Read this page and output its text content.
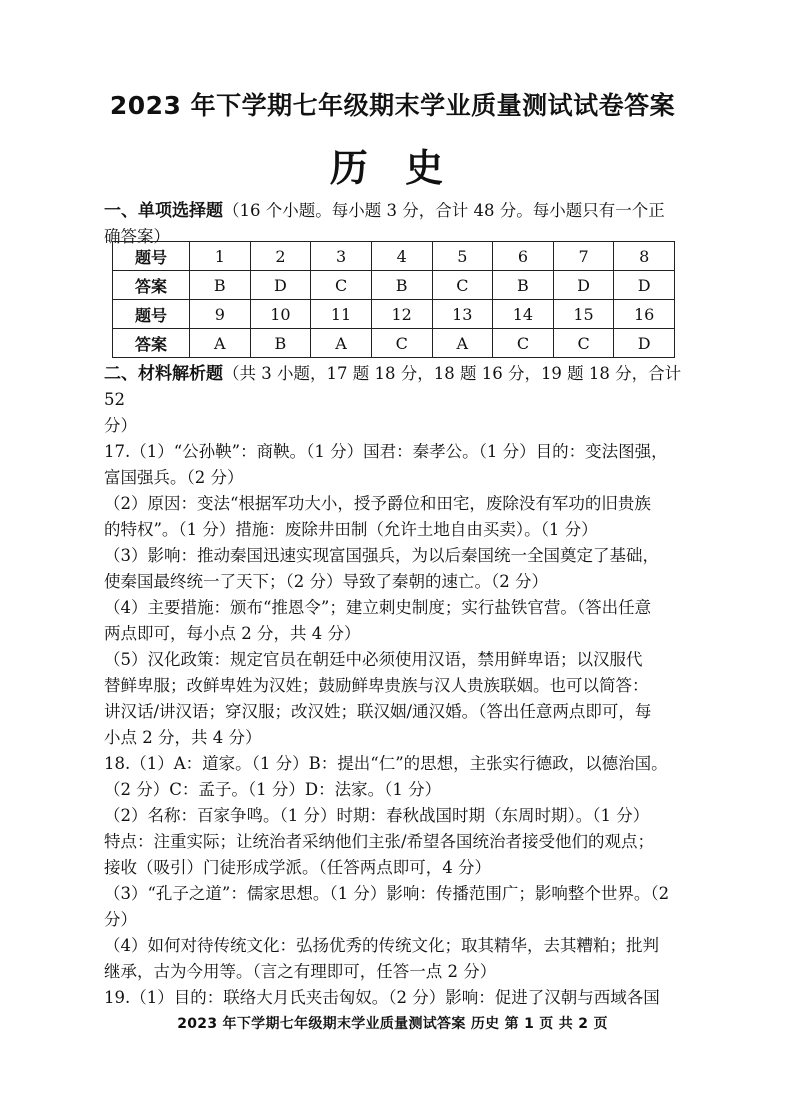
2023 年下学期七年级期末学业质量测试试卷答案
历 史

一、单项选择题（16 个小题。每小题 3 分，合计 48 分。每小题只有一个正

确答案）

题号	1	2	3	4	5	6	7	8
答案	B	D	C	B	C	B	D	D
题号	9	10	11	12	13	14	15	16
答案	A	B	A	C	A	C	C	D

二、材料解析题（共 3 小题，17 题 18 分，18 题 16 分，19 题 18 分，合计 52

分）

17.（1）“公孙鞅”：商鞅。（1 分）国君：秦孝公。（1 分）目的：变法图强，

富国强兵。（2 分）

（2）原因：变法“根据军功大小，授予爵位和田宅，废除没有军功的旧贵族

的特权”。（1 分）措施：废除井田制（允许土地自由买卖）。（1 分）

（3）影响：推动秦国迅速实现富国强兵，为以后秦国统一全国奠定了基础，

使秦国最终统一了天下；（2 分）导致了秦朝的速亡。（2 分）

（4）主要措施：颁布“推恩令”；建立刺史制度；实行盐铁官营。（答出任意

两点即可，每小点 2 分，共 4 分）

（5）汉化政策：规定官员在朝廷中必须使用汉语，禁用鲜卑语；以汉服代

替鲜卑服；改鲜卑姓为汉姓；鼓励鲜卑贵族与汉人贵族联姻。也可以简答：

讲汉话/讲汉语；穿汉服；改汉姓；联汉姻/通汉婚。（答出任意两点即可，每

小点 2 分，共 4 分）

18.（1）A：道家。（1 分）B：提出“仁”的思想，主张实行德政，以德治国。

（2 分）C：孟子。（1 分）D：法家。（1 分）

（2）名称：百家争鸣。（1 分）时期：春秋战国时期（东周时期）。（1 分）

特点：注重实际；让统治者采纳他们主张/希望各国统治者接受他们的观点；

接收（吸引）门徒形成学派。（任答两点即可，4 分）

（3）“孔子之道”：儒家思想。（1 分）影响：传播范围广；影响整个世界。（2

分）

（4）如何对待传统文化：弘扬优秀的传统文化；取其精华，去其糟粕；批判

继承，古为今用等。（言之有理即可，任答一点 2 分）

19.（1）目的：联络大月氏夹击匈奴。（2 分）影响：促进了汉朝与西域各国

2023 年下学期七年级期末学业质量测试答案 历史 第 1 页 共 2 页
